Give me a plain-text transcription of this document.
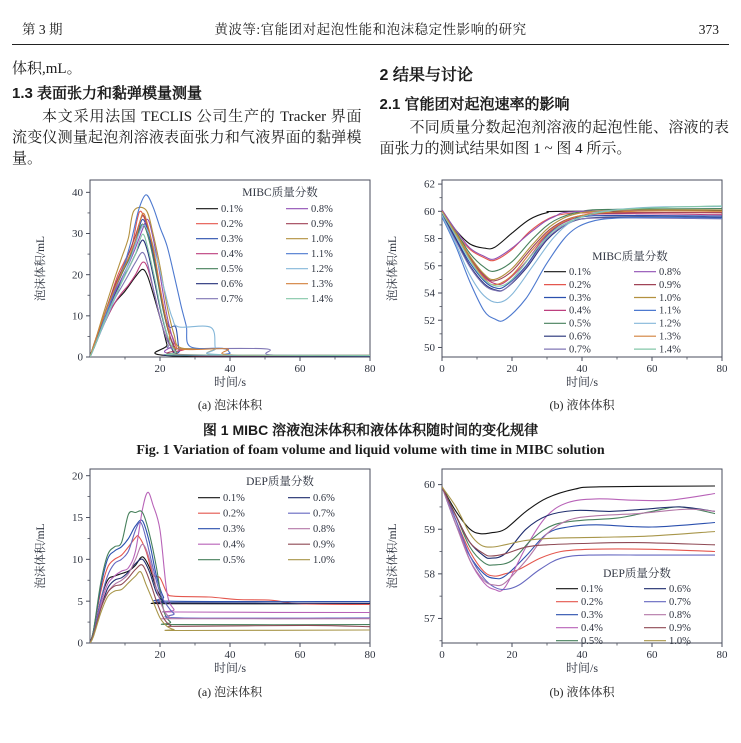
第 3 期	黄波等:官能团对起泡性能和泡沫稳定性影响的研究	373

体积,mL。

1.3 表面张力和黏弹模量测量

本文采用法国 TECLIS 公司生产的 Tracker 界面流变仪测量起泡剂溶液表面张力和气液界面的黏弹模量。

2 结果与讨论
2.1 官能团对起泡速率的影响

不同质量分数起泡剂溶液的起泡性能、溶液的表面张力的测试结果如图 1 ~ 图 4 所示。

20	40	60	80
0
10
20
30
40
时间/s
泡沫体积/mL
MIBC质量分数
0.1%
0.2%
0.3%
0.4%
0.5%
0.6%
0.7%
0.8%
0.9%
1.0%
1.1%
1.2%
1.3%
1.4%
(a) 泡沫体积
0	20	40	60	80
50
52
54
56
58
60
62
时间/s
泡沫体积/mL	MIBC质量分数
0.1%
0.2%
0.3%
0.4%
0.5%
0.6%
0.7%
0.8%
0.9%
1.0%
1.1%
1.2%
1.3%
1.4%
(b) 液体体积
图 1 MIBC 溶液泡沫体积和液体体积随时间的变化规律
Fig. 1 Variation of foam volume and liquid volume with time in MIBC solution
20	40	60	80
0
5
10
15
20
时间/s
泡沫体积/mL
DEP质量分数
0.1%
0.2%
0.3%
0.4%
0.5%
0.6%
0.7%
0.8%
0.9%
1.0%
(a) 泡沫体积
0	20	40	60	80
57
58
59
60
时间/s
泡沫体积/mL	DEP质量分数
0.1%
0.2%
0.3%
0.4%
0.5%
0.6%
0.7%
0.8%
0.9%
1.0%
(b) 液体体积
